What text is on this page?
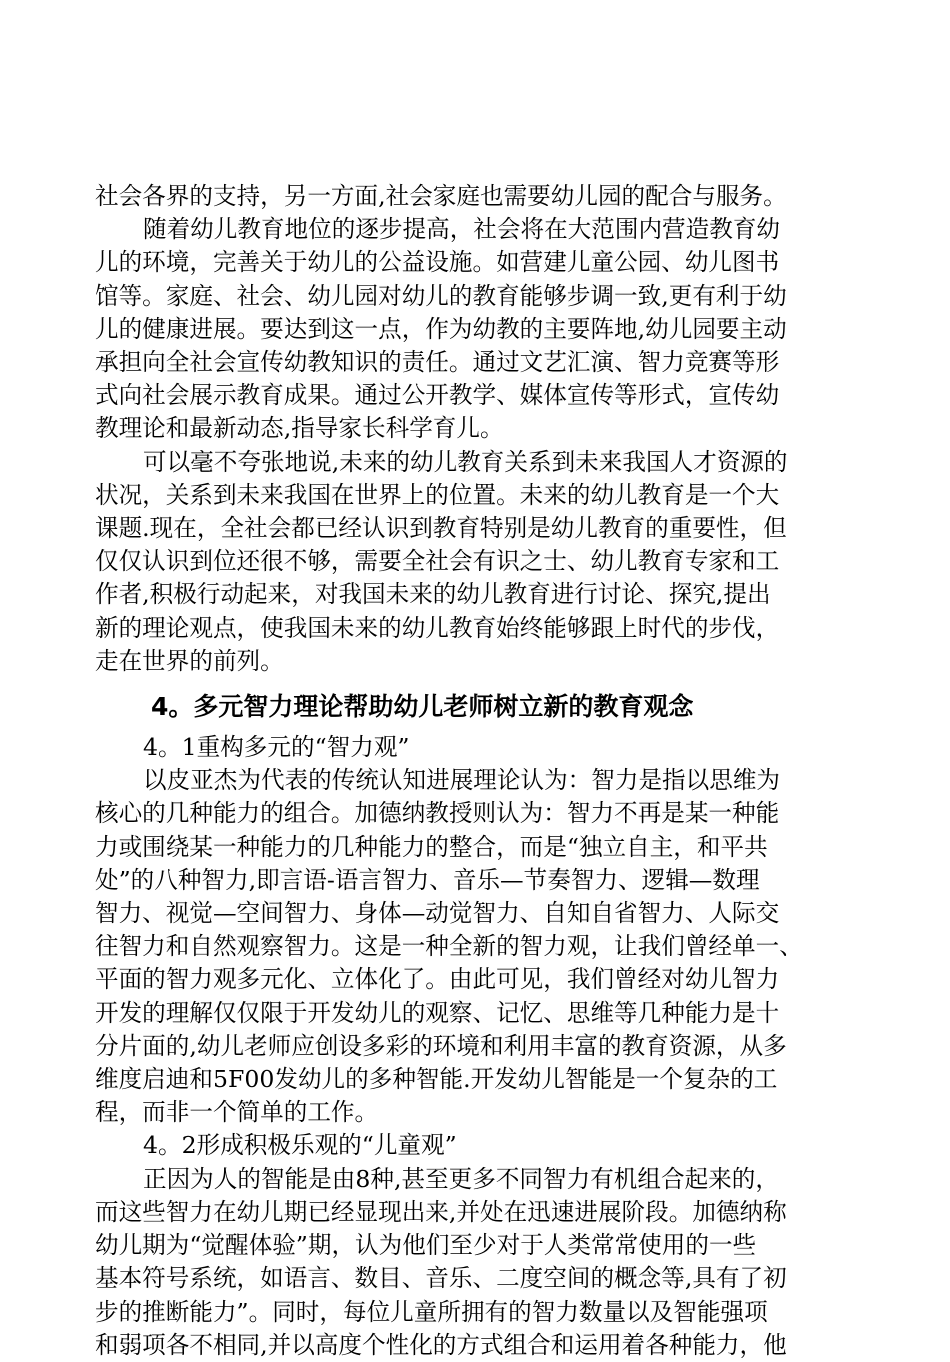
社会各界的支持，另一方面,社会家庭也需要幼儿园的配合与服务。

随着幼儿教育地位的逐步提高，社会将在大范围内营造教育幼
儿的环境，完善关于幼儿的公益设施。如营建儿童公园、幼儿图书
馆等。家庭、社会、幼儿园对幼儿的教育能够步调一致,更有利于幼
儿的健康进展。要达到这一点，作为幼教的主要阵地,幼儿园要主动
承担向全社会宣传幼教知识的责任。通过文艺汇演、智力竞赛等形
式向社会展示教育成果。通过公开教学、媒体宣传等形式，宣传幼
教理论和最新动态,指导家长科学育儿。

可以毫不夸张地说,未来的幼儿教育关系到未来我国人才资源的
状况，关系到未来我国在世界上的位置。未来的幼儿教育是一个大
课题.现在，全社会都已经认识到教育特别是幼儿教育的重要性，但
仅仅认识到位还很不够，需要全社会有识之士、幼儿教育专家和工
作者,积极行动起来，对我国未来的幼儿教育进行讨论、探究,提出
新的理论观点，使我国未来的幼儿教育始终能够跟上时代的步伐，
走在世界的前列。

4。多元智力理论帮助幼儿老师树立新的教育观念

4。1重构多元的“智力观”

以皮亚杰为代表的传统认知进展理论认为：智力是指以思维为
核心的几种能力的组合。加德纳教授则认为：智力不再是某一种能
力或围绕某一种能力的几种能力的整合，而是“独立自主，和平共
处”的八种智力,即言语-语言智力、音乐—节奏智力、逻辑—数理
智力、视觉—空间智力、身体—动觉智力、自知自省智力、人际交
往智力和自然观察智力。这是一种全新的智力观，让我们曾经单一、
平面的智力观多元化、立体化了。由此可见，我们曾经对幼儿智力
开发的理解仅仅限于开发幼儿的观察、记忆、思维等几种能力是十
分片面的,幼儿老师应创设多彩的环境和利用丰富的教育资源，从多
维度启迪和5F00发幼儿的多种智能.开发幼儿智能是一个复杂的工
程，而非一个简单的工作。

4。2形成积极乐观的“儿童观”

正因为人的智能是由8种,甚至更多不同智力有机组合起来的，
而这些智力在幼儿期已经显现出来,并处在迅速进展阶段。加德纳称
幼儿期为“觉醒体验”期，认为他们至少对于人类常常使用的一些
基本符号系统，如语言、数目、音乐、二度空间的概念等,具有了初
步的推断能力”。同时，每位儿童所拥有的智力数量以及智能强项
和弱项各不相同,并以高度个性化的方式组合和运用着各种能力，他
